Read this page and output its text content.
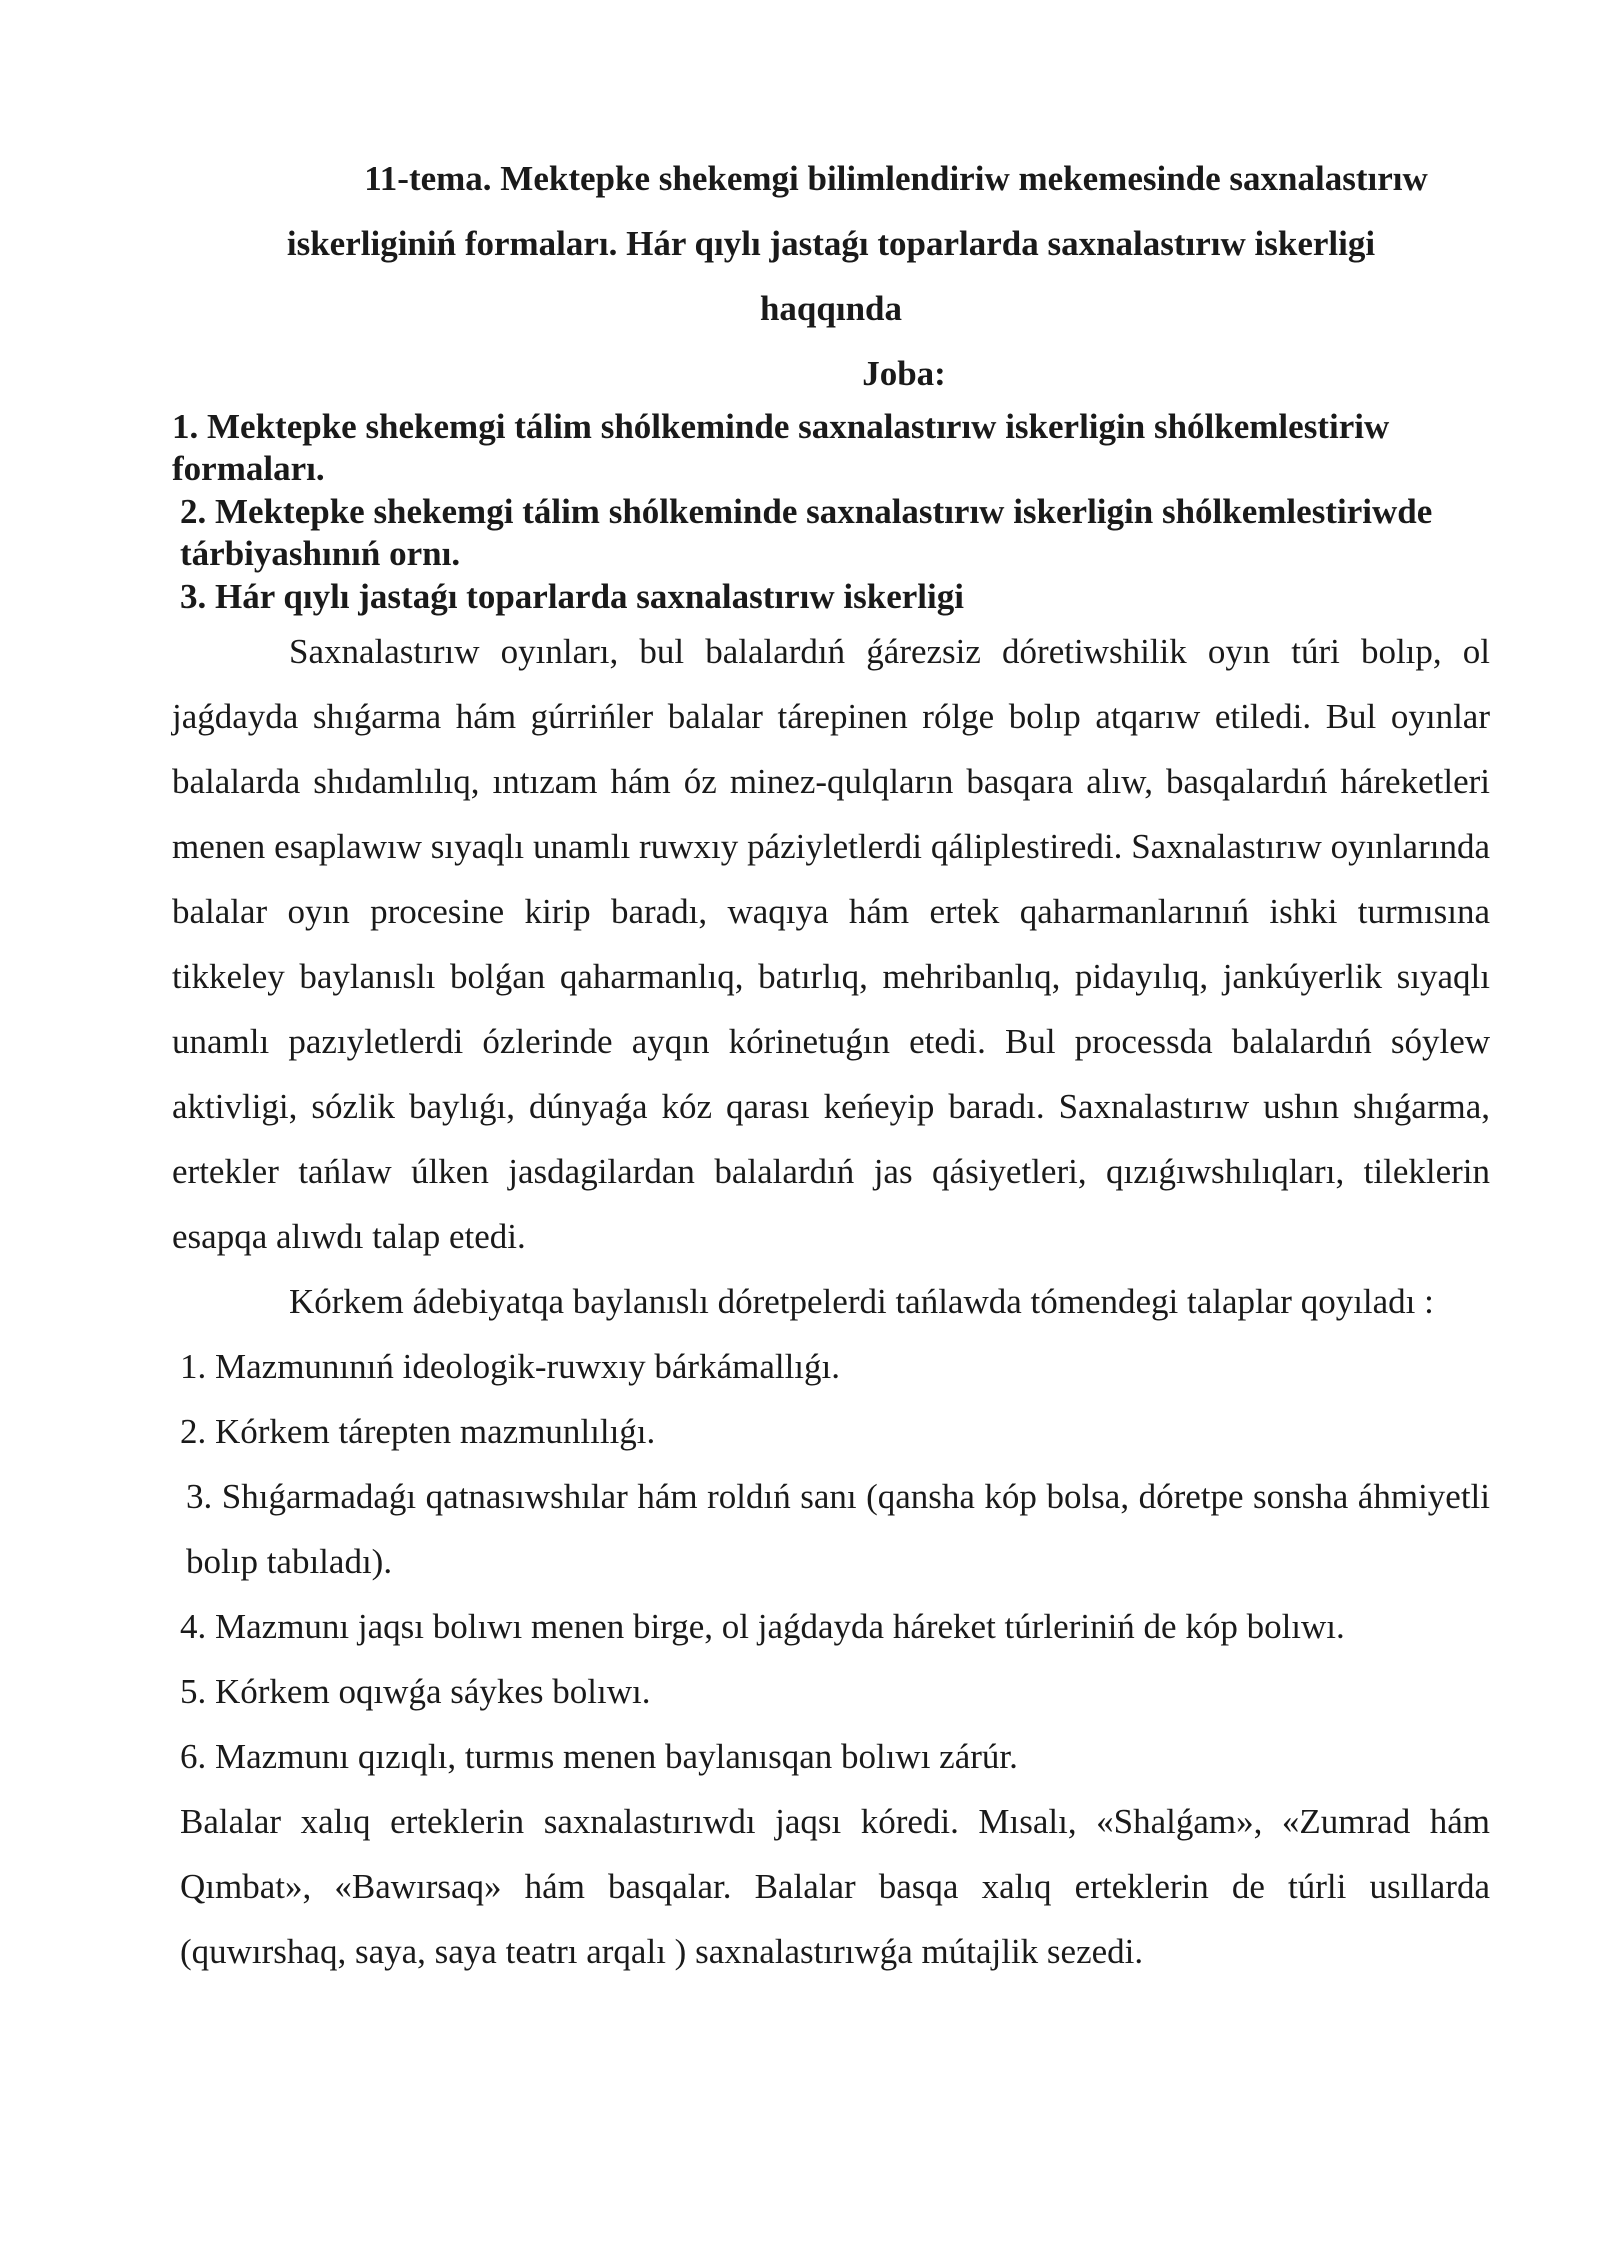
11-tema. Mektepke shekemgi bilimlendiriw mekemesinde saxnalastırıw
iskerliginiń formaları. Hár qıylı jastaǵı toparlarda saxnalastırıw iskerligi
haqqında

Joba:

1. Mektepke shekemgi tálim shólkeminde saxnalastırıw iskerligin shólkemlestiriw formaları.
2. Mektepke shekemgi tálim shólkeminde saxnalastırıw iskerligin shólkemlestiriwde tárbiyashınıń ornı.
3. Hár qıylı jastaǵı toparlarda saxnalastırıw iskerligi

Saxnalastırıw oyınları, bul balalardıń ǵárezsiz dóretiwshilik oyın túri bolıp, ol jaǵdayda shıǵarma hám gúrrińler balalar tárepinen rólge bolıp atqarıw etiledi. Bul oyınlar balalarda shıdamlılıq, ıntızam hám óz minez-qulqların basqara alıw, basqalardıń háreketleri menen esaplawıw sıyaqlı unamlı ruwxıy páziyletlerdi qáliplestiredi. Saxnalastırıw oyınlarında balalar oyın procesine kirip baradı, waqıya hám ertek qaharmanlarınıń ishki turmısına tikkeley baylanıslı bolǵan qaharmanlıq, batırlıq, mehribanlıq, pidayılıq, jankúyerlik sıyaqlı unamlı pazıyletlerdi ózlerinde ayqın kórinetuǵın etedi. Bul processda balalardıń sóylew aktivligi, sózlik baylıǵı, dúnyaǵa kóz qarası keńeyip baradı. Saxnalastırıw ushın shıǵarma, ertekler tańlaw úlken jasdagilardan balalardıń jas qásiyetleri, qızıǵıwshılıqları, tileklerin esapqa alıwdı talap etedi.

Kórkem ádebiyatqa baylanıslı dóretpelerdi tańlawda tómendegi talaplar qoyıladı :

1. Mazmunınıń ideologik-ruwxıy bárkámallıǵı.

2. Kórkem tárepten mazmunlılıǵı.

3. Shıǵarmadaǵı qatnasıwshılar hám roldıń sanı (qansha kóp bolsa, dóretpe sonsha áhmiyetli bolıp tabıladı).

4. Mazmunı jaqsı bolıwı menen birge, ol jaǵdayda háreket túrleriniń de kóp bolıwı.

5. Kórkem oqıwǵa sáykes bolıwı.

6. Mazmunı qızıqlı, turmıs menen baylanısqan bolıwı zárúr.

Balalar xalıq erteklerin saxnalastırıwdı jaqsı kóredi. Mısalı, «Shalǵam», «Zumrad hám Qımbat», «Bawırsaq» hám basqalar. Balalar basqa xalıq erteklerin de túrli usıllarda (quwırshaq, saya, saya teatrı arqalı ) saxnalastırıwǵa mútajlik sezedi.
